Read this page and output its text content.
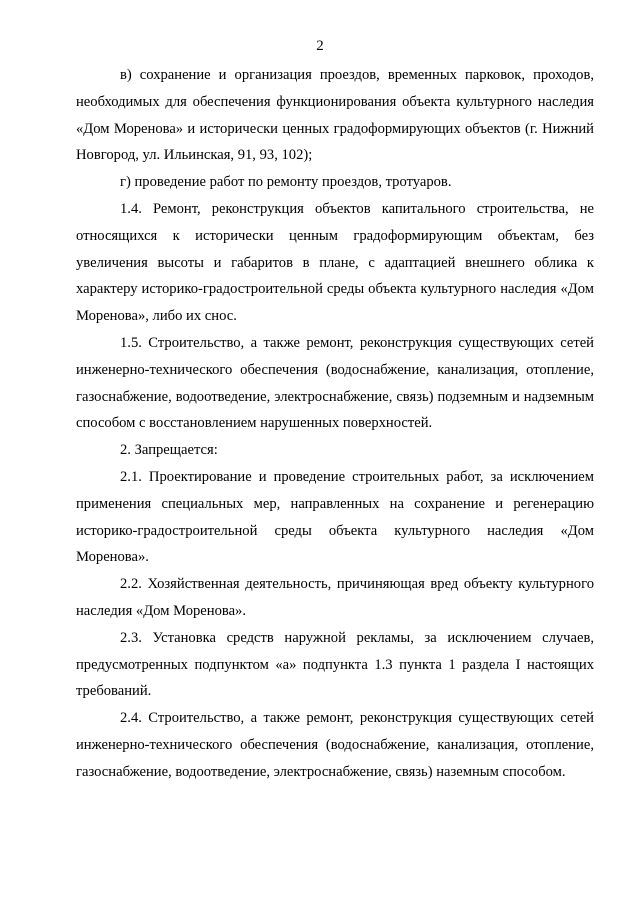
2

в) сохранение и организация проездов, временных парковок, проходов, необходимых для обеспечения функционирования объекта культурного наследия «Дом Моренова» и исторически ценных градоформирующих объектов (г. Нижний Новгород, ул. Ильинская, 91, 93, 102);

г) проведение работ по ремонту проездов, тротуаров.

1.4. Ремонт, реконструкция объектов капитального строительства, не относящихся к исторически ценным градоформирующим объектам, без увеличения высоты и габаритов в плане, с адаптацией внешнего облика к характеру историко-градостроительной среды объекта культурного наследия «Дом Моренова», либо их снос.

1.5. Строительство, а также ремонт, реконструкция существующих сетей инженерно-технического обеспечения (водоснабжение, канализация, отопление, газоснабжение, водоотведение, электроснабжение, связь) подземным и надземным способом с восстановлением нарушенных поверхностей.

2. Запрещается:

2.1. Проектирование и проведение строительных работ, за исключением применения специальных мер, направленных на сохранение и регенерацию историко-градостроительной среды объекта культурного наследия «Дом Моренова».

2.2. Хозяйственная деятельность, причиняющая вред объекту культурного наследия «Дом Моренова».

2.3. Установка средств наружной рекламы, за исключением случаев, предусмотренных подпунктом «а» подпункта 1.3 пункта 1 раздела I настоящих требований.

2.4. Строительство, а также ремонт, реконструкция существующих сетей инженерно-технического обеспечения (водоснабжение, канализация, отопление, газоснабжение, водоотведение, электроснабжение, связь) наземным способом.
